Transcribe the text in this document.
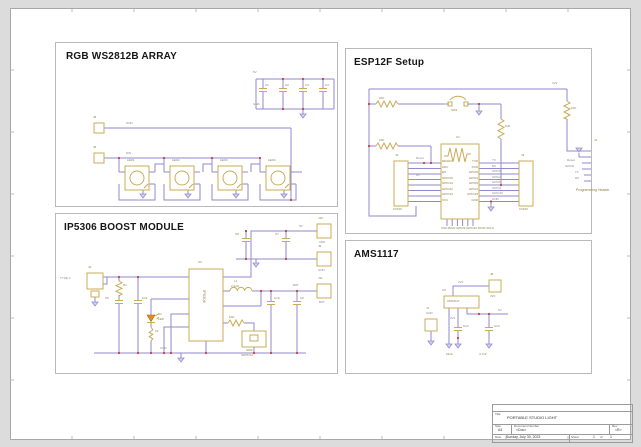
RGB WS2812B ARRAY
5V
GND
C1	C2	C3	C4
J5
GND
J6
DIN
LED1	LED2	LED3	LED4
ESP12F Setup
3V3
10K
10K
10K
10K
SW1
U1
RESET
ADC
EN
GPIO16
GPIO14
GPIO12
GPIO13
VCC
TXD
RXD
GPIO5
GPIO4
GPIO0
GPIO2
GPIO15
GND
TX
RX
GPIO5
GPIO4
GPIO0
GPIO2
GPIO15
GND
Reset
D1
J4
CONN
J3
CONN
CS0 MISO GPIO9 GPIO10 MOSI SCLK
J1
Programming Header
Reset
GPIO0
TX
RX
IP5306 BOOST MODULE
J2
TYPE C
R1
C5	C11
U2
IP5306
D1
LED
1K
L1
2.2uH
10K
SW2
SWITCH
C8	C7
C10	C6
5V
BAT
GND
J10
VDD
J9
GND
J11
BAT
AMS1117
U3
AMS1117
J8
3V3
3V3
3V3
J7
GND
5V
C12	C13
22uF	4.7uF
Title
PORTABLE STUDIO LIGHT
Size
A4
Document Number
<Doc>
Rev
<R>
Date Sunday, July 30, 2023	Sheet	1 of 1
